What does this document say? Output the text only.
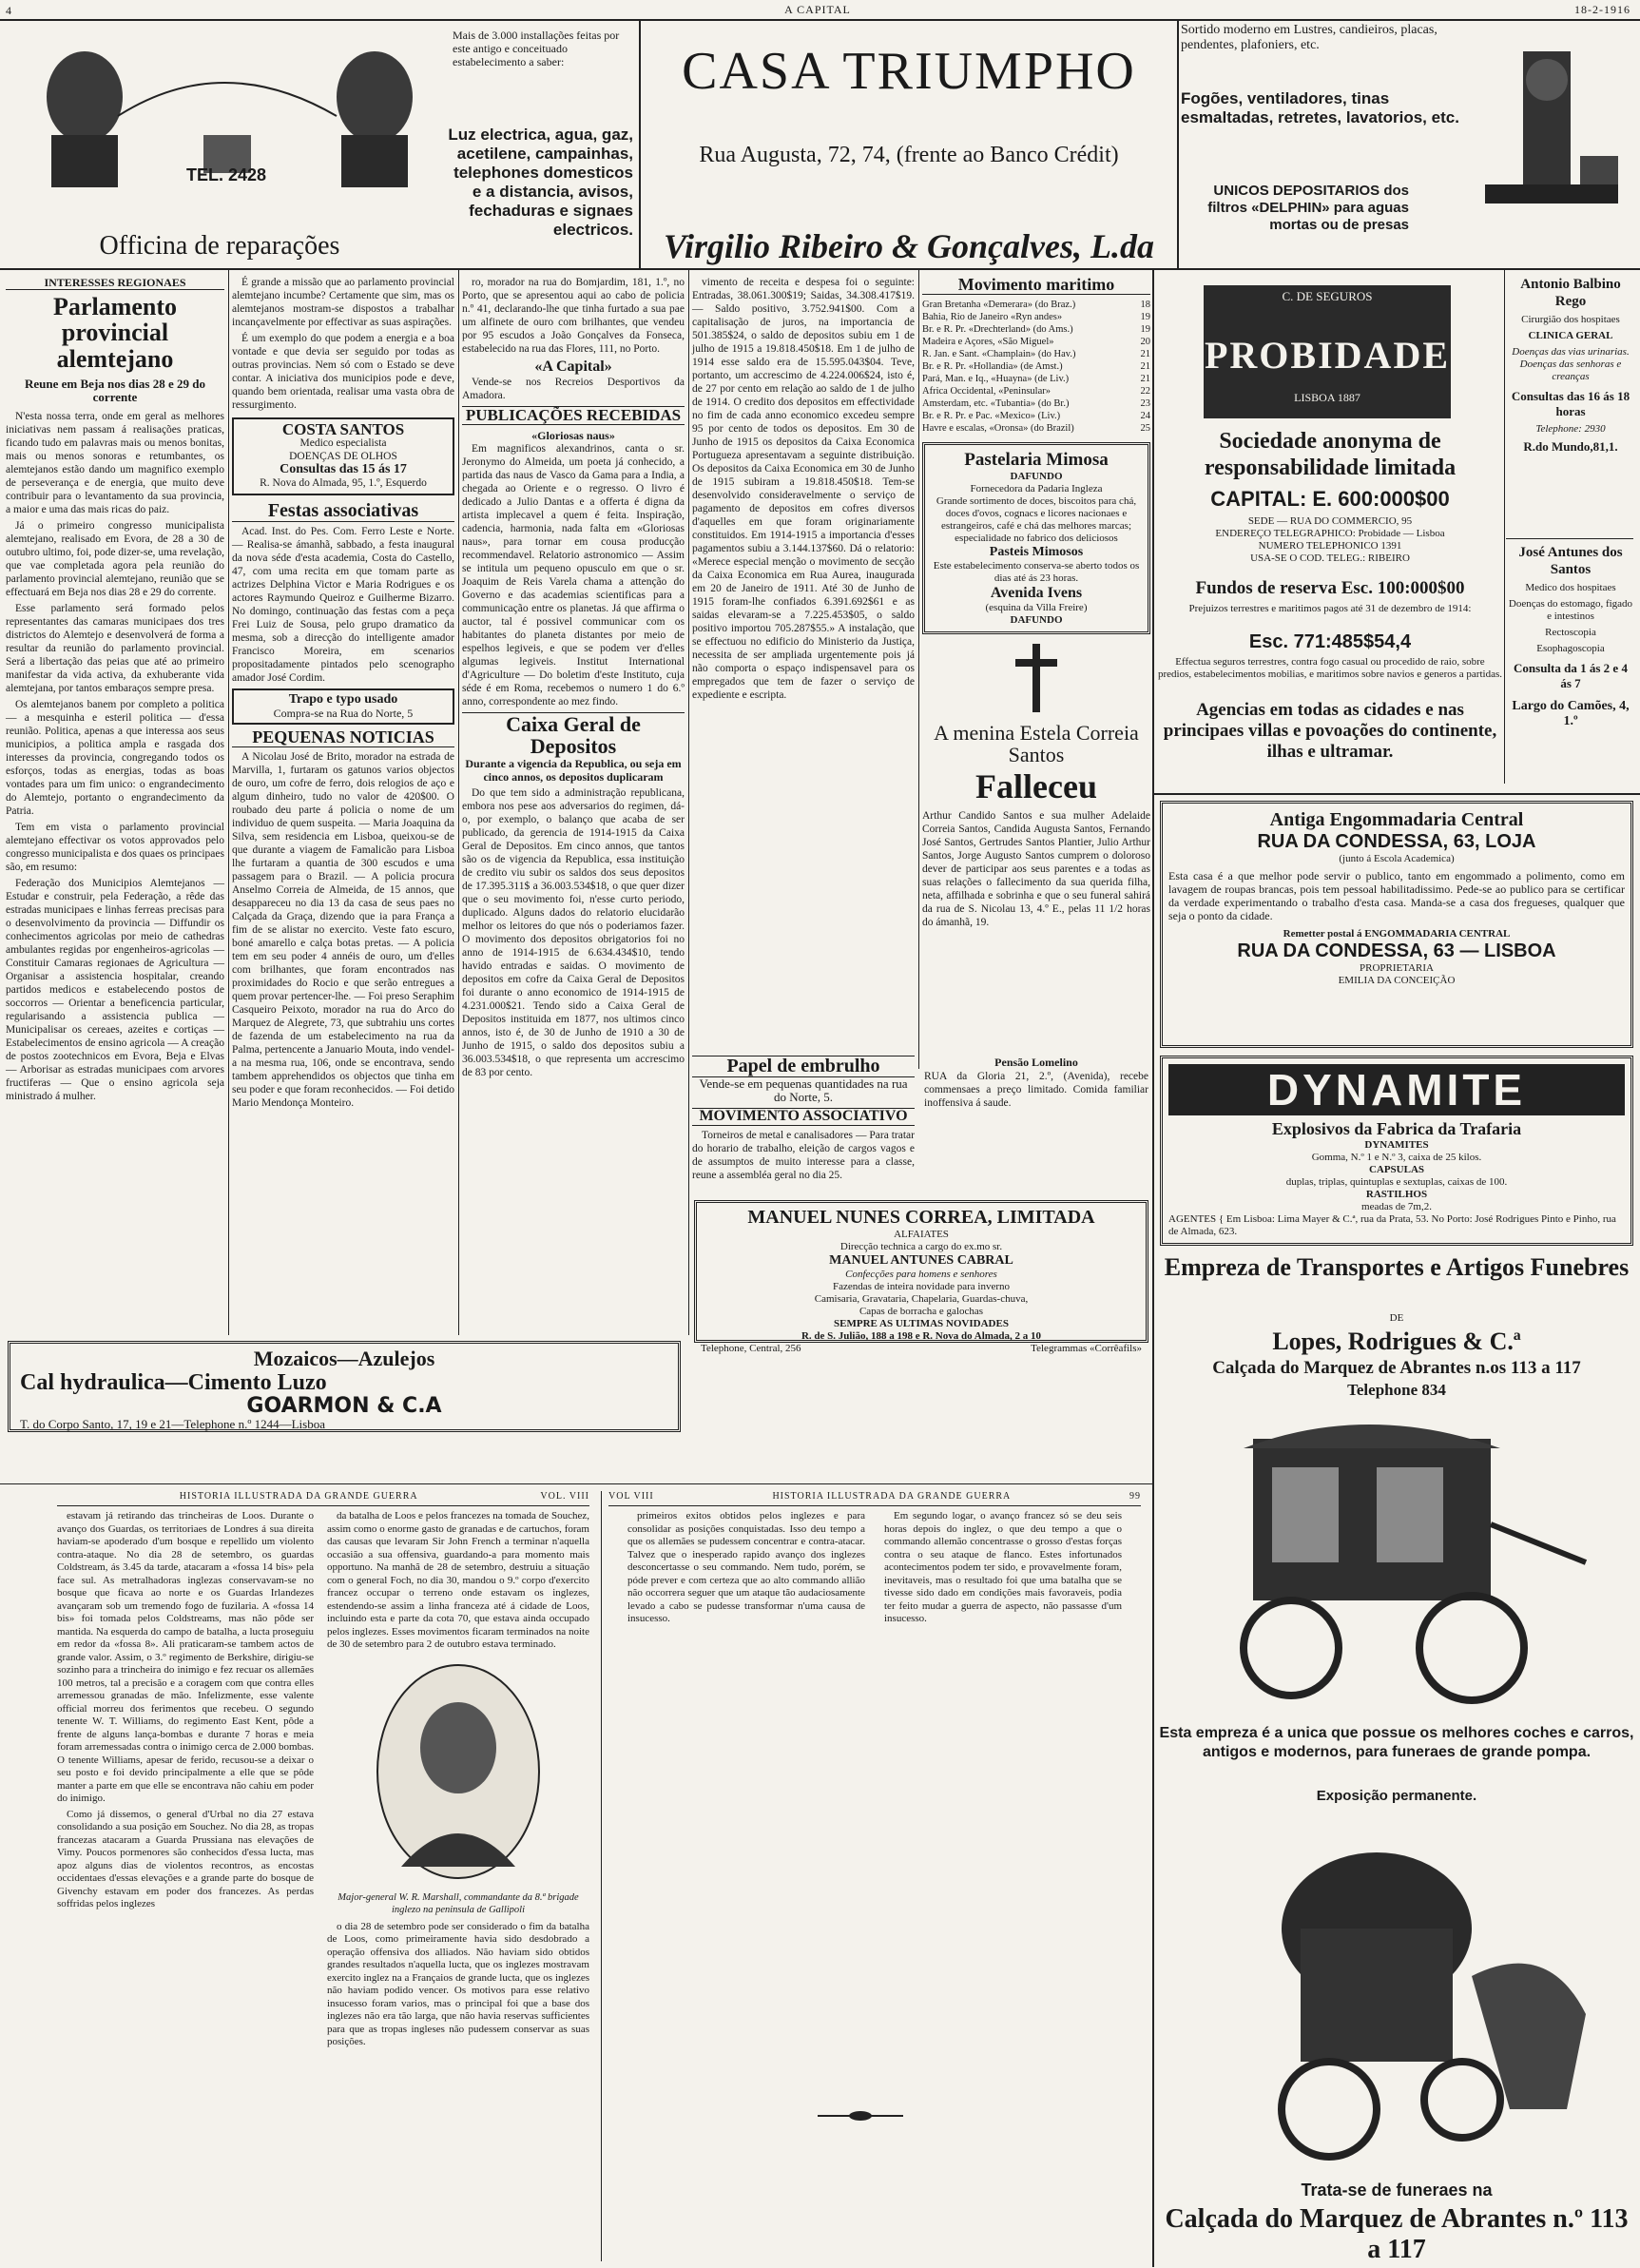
4	A CAPITAL	18-2-1916
TEL. 2428
Officina de reparações
Mais de 3.000 installações feitas por este antigo e conceituado estabelecimento a saber:
Luz electrica, agua, gaz, acetilene, campainhas, telephones domesticos e a distancia, avisos, fechaduras e signaes electricos.
CASA TRIUMPHO
Rua Augusta, 72, 74, (frente ao Banco Crédit)
Virgilio Ribeiro & Gonçalves, L.da
Sortido moderno em Lustres, candieiros, placas, pendentes, plafoniers, etc.
Fogões, ventiladores, tinas esmaltadas, retretes, lavatorios, etc.
UNICOS DEPOSITARIOS dos filtros «DELPHIN» para aguas mortas ou de presas
INTERESSES REGIONAES
Parlamento provincial alemtejano
Reune em Beja nos dias 28 e 29 do corrente

N'esta nossa terra, onde em geral as melhores iniciativas nem passam á realisações praticas, ficando tudo em palavras mais ou menos bonitas, mais ou menos sonoras e retumbantes, os alemtejanos estão dando um magnifico exemplo de perseverança e de energia, que muito deve contribuir para o levantamento da sua provincia, a maior e uma das mais ricas do paiz.

Já o primeiro congresso municipalista alemtejano, realisado em Evora, de 28 a 30 de outubro ultimo, foi, pode dizer-se, uma revelação, que vae completada agora pela reunião do parlamento provincial alemtejano, reunião que se effectuará em Beja nos dias 28 e 29 do corrente.

Esse parlamento será formado pelos representantes das camaras municipaes dos tres districtos do Alemtejo e desenvolverá de forma a resultar da reunião do parlamento provincial. Será a libertação das peias que até ao primeiro manifestar da vida activa, da exhuberante vida alemtejana, por tantos embaraços sempre presa.

Os alemtejanos banem por completo a politica — a mesquinha e esteril politica — d'essa reunião. Politica, apenas a que interessa aos seus municipios, a politica ampla e rasgada dos interesses da provincia, congregando todos os esforços, todas as energias, todas as boas vontades para um fim unico: o engrandecimento do Alemtejo, portanto o engrandecimento da Patria.

Tem em vista o parlamento provincial alemtejano effectivar os votos approvados pelo congresso municipalista e dos quaes os principaes são, em resumo:

Federação dos Municipios Alemtejanos — Estudar e construir, pela Federação, a rêde das estradas municipaes e linhas ferreas precisas para o desenvolvimento da provincia — Diffundir os conhecimentos agricolas por meio de cathedras ambulantes regidas por engenheiros-agricolas — Constituir Camaras regionaes de Agricultura — Organisar a assistencia hospitalar, creando partidos medicos e estabelecendo postos de soccorros — Orientar a beneficencia particular, regularisando a assistencia publica — Municipalisar os cereaes, azeites e cortiças — Estabelecimentos de ensino agricola — A creação de postos zootechnicos em Evora, Beja e Elvas — Arborisar as estradas municipaes com arvores fructiferas — Que o ensino agricola seja ministrado á mulher.

É grande a missão que ao parlamento provincial alemtejano incumbe? Certamente que sim, mas os alemtejanos mostram-se dispostos a trabalhar incançavelmente por effectivar as suas aspirações.

É um exemplo do que podem a energia e a boa vontade e que devia ser seguido por todas as outras provincias. Nem só com o Estado se deve contar. A iniciativa dos municipios pode e deve, quando bem orientada, realisar uma vasta obra de ressurgimento.

COSTA SANTOS
Medico especialista
DOENÇAS DE OLHOS
Consultas das 15 ás 17
R. Nova do Almada, 95, 1.º, Esquerdo
Festas associativas

Acad. Inst. do Pes. Com. Ferro Leste e Norte. — Realisa-se ámanhã, sabbado, a festa inaugural da nova séde d'esta academia, Costa do Castello, 47, com uma recita em que tomam parte as actrizes Delphina Victor e Maria Rodrigues e os actores Raymundo Queiroz e Guilherme Bizarro. No domingo, continuação das festas com a peça Frei Luiz de Sousa, pelo grupo dramatico da mesma, sob a direcção do intelligente amador Francisco Moreira, em scenarios propositadamente pintados pelo scenographo amador José Cordim.

Trapo e typo usado
Compra-se na Rua do Norte, 5
PEQUENAS NOTICIAS

A Nicolau José de Brito, morador na estrada de Marvilla, 1, furtaram os gatunos varios objectos de ouro, um cofre de ferro, dois relogios de aço e algum dinheiro, tudo no valor de 420$00. O roubado deu parte á policia o nome de um individuo de quem suspeita. — Maria Joaquina da Silva, sem residencia em Lisboa, queixou-se de que durante a viagem de Famalicão para Lisboa lhe furtaram a quantia de 300 escudos e uma passagem para o Brazil. — A policia procura Anselmo Correia de Almeida, de 15 annos, que desappareceu no dia 13 da casa de seus paes no Calçada da Graça, dizendo que ia para França a fim de se alistar no exercito. Veste fato escuro, boné amarello e calça botas pretas. — A policia tem em seu poder 4 annéis de ouro, um d'elles com brilhantes, que foram encontrados nas proximidades do Rocio e que serão entregues a quem provar pertencer-lhe. — Foi preso Seraphim Casqueiro Peixoto, morador na rua do Arco do Marquez de Alegrete, 73, que subtrahiu uns cortes de fazenda de um estabelecimento na rua da Palma, pertencente a Januario Mouta, indo vendel-a na mesma rua, 106, onde se encontrava, sendo tambem apprehendidos os objectos que tinha em seu poder e que foram reconhecidos. — Foi detido Mario Mendonça Monteiro.

ro, morador na rua do Bomjardim, 181, 1.º, no Porto, que se apresentou aqui ao cabo de policia n.º 41, declarando-lhe que tinha furtado a sua pae um alfinete de ouro com brilhantes, que vendeu por 95 escudos a João Gonçalves da Fonseca, estabelecido na rua das Flores, 111, no Porto.

«A Capital»

Vende-se nos Recreios Desportivos da Amadora.

PUBLICAÇÕES RECEBIDAS
«Gloriosas naus»

Em magnificos alexandrinos, canta o sr. Jeronymo do Almeida, um poeta já conhecido, a partida das naus de Vasco da Gama para a India, a chegada ao Oriente e o regresso. O livro é dedicado a Julio Dantas e a offerta é digna da artista implecavel a quem é feita. Inspiração, cadencia, harmonia, nada falta em «Gloriosas naus», para tornar em cousa producção recommendavel. Relatorio astronomico — Assim se intitula um pequeno opusculo em que o sr. Joaquim de Reis Varela chama a attenção do Governo e das academias scientificas para a communicação entre os planetas. Já que affirma o auctor, tal é possivel communicar com os habitantes do planeta distantes por meio de espelhos legiveis, e que se podem ver d'elles algumas legiveis. Institut International d'Agriculture — Do boletim d'este Instituto, cuja séde é em Roma, recebemos o numero 1 do 6.º anno, correspondente ao mez findo.

Caixa Geral de Depositos
Durante a vigencia da Republica, ou seja em cinco annos, os depositos duplicaram

Do que tem sido a administração republicana, embora nos pese aos adversarios do regimen, dá-o, por exemplo, o balanço que acaba de ser publicado, da gerencia de 1914-1915 da Caixa Geral de Depositos. Em cinco annos, que tantos são os de vigencia da Republica, essa instituição de credito viu subir os saldos dos seus depositos de 17.395.311$ a 36.003.534$18, o que quer dizer que o seu movimento foi, n'esse curto periodo, duplicado. Alguns dados do relatorio elucidarão melhor os leitores do que nós o poderiamos fazer. O movimento dos depositos obrigatorios foi no anno de 1914-1915 de 6.634.434$10, tendo havido entradas e saidas. O movimento de depositos em cofre da Caixa Geral de Depositos foi durante o anno economico de 1914-1915 de 4.231.000$21. Tendo sido a Caixa Geral de Depositos instituida em 1877, nos ultimos cinco annos, isto é, de 30 de Junho de 1910 a 30 de Junho de 1915, o saldo dos depositos subiu a 36.003.534$18, o que representa um accrescimo de 83 por cento.

vimento de receita e despesa foi o seguinte: Entradas, 38.061.300$19; Saidas, 34.308.417$19. — Saldo positivo, 3.752.941$00. Com a capitalisação de juros, na importancia de 501.385$24, o saldo de depositos subiu em 1 de julho de 1915 a 19.818.450$18. Em 1 de julho de 1914 esse saldo era de 15.595.043$04. Teve, portanto, um accrescimo de 4.224.006$24, isto é, de 27 por cento em relação ao saldo de 1 de julho de 1914. O credito dos depositos em effectividade no fim de cada anno economico excedeu sempre 95 por cento de todos os depositos. Em 30 de Junho de 1915 os depositos da Caixa Economica Portugueza apresentavam a seguinte distribuição. Os depositos da Caixa Economica em 30 de Junho de 1915 subiram a 19.818.450$18. Tem-se desenvolvido consideravelmente o serviço de pagamento de depositos em cofres diversos d'aquelles em que foram originariamente constituidos. Em 1914-1915 a importancia d'esses pagamentos subiu a 3.144.137$60. Dá o relatorio: «Merece especial menção o movimento de secção da Caixa Economica em Rua Aurea, inaugurada em 20 de Janeiro de 1911. Até 30 de Junho de 1915 foram-lhe confiados 6.391.692$61 e as saidas elevaram-se a 7.225.453$05, o saldo positivo importou 705.287$55.» A instalação, que se effectuou no edificio do Ministerio da Justiça, necessita de ser ampliada urgentemente pois já não comporta o espaço indispensavel para os empregados que tem de fazer o serviço de expediente e escripta.

Movimento maritimo
Gran Bretanha «Demerara» (do Braz.)	18
Bahia, Rio de Janeiro «Ryn andes»	19
Br. e R. Pr. «Drechterland» (do Ams.)	19
Madeira e Açores, «São Miguel»	20
R. Jan. e Sant. «Champlain» (do Hav.)	21
Br. e R. Pr. «Hollandia» (de Amst.)	21
Pará, Man. e Iq., «Huayna» (de Liv.)	21
Africa Occidental, «Peninsular»	22
Amsterdam, etc. «Tubantia» (do Br.)	23
Br. e R. Pr. e Pac. «Mexico» (Liv.)	24
Havre e escalas, «Oronsa» (do Brazil)	25
Pastelaria Mimosa
DAFUNDO
Fornecedora da Padaria Ingleza
Grande sortimento de doces, biscoitos para chá, doces d'ovos, cognacs e licores nacionaes e estrangeiros, café e chá das melhores marcas; especialidade no fabrico dos deliciosos
Pasteis Mimosos
Este estabelecimento conserva-se aberto todos os dias até ás 23 horas.
Avenida Ivens
(esquina da Villa Freire)
DAFUNDO
A menina Estela Correia Santos
Falleceu
Arthur Candido Santos e sua mulher Adelaide Correia Santos, Candida Augusta Santos, Fernando José Santos, Gertrudes Santos Plantier, Julio Arthur Santos, Jorge Augusto Santos cumprem o doloroso dever de participar aos seus parentes e a todas as suas relações o fallecimento da sua querida filha, neta, affilhada e sobrinha e que o seu funeral sahirá da rua de S. Nicolau 13, 4.º E., pelas 11 1/2 horas do ámanhã, 19.
Papel de embrulho
Vende-se em pequenas quantidades na rua do Norte, 5.
MOVIMENTO ASSOCIATIVO

Torneiros de metal e canalisadores — Para tratar do horario de trabalho, eleição de cargos vagos e de assumptos de muito interesse para a classe, reune a assembléa geral no dia 25.

Pensão Lomelino
RUA da Gloria 21, 2.º, (Avenida), recebe commensaes a preço limitado. Comida familiar inoffensiva á saude.
MANUEL NUNES CORREA, LIMITADA
ALFAIATES
Direcção technica a cargo do ex.mo sr.
MANUEL ANTUNES CABRAL
Confecções para homens e senhores
Fazendas de inteira novidade para inverno
Camisaria, Gravataria, Chapelaria, Guardas-chuva,
Capas de borracha e galochas
SEMPRE AS ULTIMAS NOVIDADES
R. de S. Julião, 188 a 198 e R. Nova do Almada, 2 a 10
Telephone, Central, 256	Telegrammas «Corrêafils»
Mozaicos—Azulejos
Cal hydraulica—Cimento Luzo
GOARMON & C.A
T. do Corpo Santo, 17, 19 e 21—Telephone n.º 1244—Lisboa
C. DE SEGUROS
PROBIDADE
LISBOA 1887
Sociedade anonyma de responsabilidade limitada
CAPITAL: E. 600:000$00
SEDE — RUA DO COMMERCIO, 95
ENDEREÇO TELEGRAPHICO: Probidade — Lisboa
NUMERO TELEPHONICO 1391
USA-SE O COD. TELEG.: RIBEIRO
Fundos de reserva Esc. 100:000$00
Prejuizos terrestres e maritimos pagos até 31 de dezembro de 1914:
Esc. 771:485$54,4
Effectua seguros terrestres, contra fogo casual ou procedido de raio, sobre predios, estabelecimentos mobilias, e maritimos sobre navios e generos a partidas.
Agencias em todas as cidades e nas principaes villas e povoações do continente, ilhas e ultramar.
Antonio Balbino Rego
Cirurgião dos hospitaes
CLINICA GERAL
Doenças das vias urinarias. Doenças das senhoras e creanças
Consultas das 16 ás 18 horas
Telephone: 2930
R.do Mundo,81,1.
José Antunes dos Santos
Medico dos hospitaes
Doenças do estomago, figado e intestinos
Rectoscopia
Esophagoscopia
Consulta da 1 ás 2 e 4 ás 7
Largo do Camões, 4, 1.º
Antiga Engommadaria Central
RUA DA CONDESSA, 63, LOJA
(junto á Escola Academica)
Esta casa é a que melhor pode servir o publico, tanto em engommado a polimento, como em lavagem de roupas brancas, pois tem pessoal habilitadissimo. Pede-se ao publico para se certificar da verdade experimentando o trabalho d'esta casa. Manda-se a casa dos fregueses, qualquer que seja o ponto da cidade.
Remetter postal á ENGOMMADARIA CENTRAL
RUA DA CONDESSA, 63 — LISBOA
PROPRIETARIA
EMILIA DA CONCEIÇÃO
DYNAMITE
Explosivos da Fabrica da Trafaria
DYNAMITES
Gomma, N.º 1 e N.º 3, caixa de 25 kilos.
CAPSULAS
duplas, triplas, quintuplas e sextuplas, caixas de 100.
RASTILHOS
meadas de 7m,2.
AGENTES { Em Lisboa: Lima Mayer & C.ª, rua da Prata, 53. No Porto: José Rodrigues Pinto e Pinho, rua de Almada, 623.
Empreza de Transportes e Artigos Funebres
DE
Lopes, Rodrigues & C.ª
Calçada do Marquez de Abrantes n.os 113 a 117
Telephone 834
Esta empreza é a unica que possue os melhores coches e carros, antigos e modernos, para funeraes de grande pompa.
Exposição permanente.
Trata-se de funeraes na
Calçada do Marquez de Abrantes n.º 113 a 117
HISTORIA ILLUSTRADA DA GRANDE GUERRA	VOL. VIII

estavam já retirando das trincheiras de Loos. Durante o avanço dos Guardas, os territoriaes de Londres á sua direita haviam-se apoderado d'um bosque e repellido um violento contra-ataque. No dia 28 de setembro, os guardas Coldstream, ás 3.45 da tarde, atacaram a «fossa 14 bis» pela face sul. As metralhadoras inglezas conservavam-se no bosque que ficava ao norte e os Guardas Irlandezes avançaram sob um tremendo fogo de fuzilaria. A «fossa 14 bis» foi tomada pelos Coldstreams, mas não pôde ser mantida. Na esquerda do campo de batalha, a lucta proseguiu em redor da «fossa 8». Ali praticaram-se tambem actos de grande valor. Assim, o 3.º regimento de Berkshire, dirigiu-se sozinho para a trincheira do inimigo e fez recuar os allemães 100 metros, tal a precisão e a coragem com que contra elles arremessou granadas de mão. Infelizmente, esse valente official morreu dos ferimentos que recebeu. O segundo tenente W. T. Williams, do regimento East Kent, pôde a frente de alguns lança-bombas e durante 7 horas e meia foram arremessadas contra o inimigo cerca de 2.000 bombas. O tenente Williams, apesar de ferido, recusou-se a deixar o seu posto e foi devido principalmente a elle que se pôde manter a parte em que elle se encontrava não cahiu em poder do inimigo.

Como já dissemos, o general d'Urbal no dia 27 estava consolidando a sua posição em Souchez. No dia 28, as tropas francezas atacaram a Guarda Prussiana nas elevações de Vimy. Poucos pormenores são conhecidos d'essa lucta, mas apoz alguns dias de violentos recontros, as encostas occidentaes d'essas elevações e a grande parte do bosque de Givenchy estavam em poder dos francezes. As perdas soffridas pelos inglezes

da batalha de Loos e pelos francezes na tomada de Souchez, assim como o enorme gasto de granadas e de cartuchos, foram das causas que levaram Sir John French a terminar n'aquella occasião a sua offensiva, guardando-a para momento mais opportuno. Na manhã de 28 de setembro, destruiu a situação com o general Foch, no dia 30, mandou o 9.º corpo d'exercito francez occupar o terreno onde estavam os inglezes, estendendo-se assim a linha franceza até á cidade de Loos, incluindo esta e parte da cota 70, que estava ainda occupado pelos inglezes. Esses movimentos ficaram terminados na noite de 30 de setembro para 2 de outubro estava terminado.

Major-general W. R. Marshall, commandante da 8.ª brigade inglezo na peninsula de Gallipoli

o dia 28 de setembro pode ser considerado o fim da batalha de Loos, como primeiramente havia sido desdobrado a operação offensiva dos alliados. Não haviam sido obtidos grandes resultados n'aquella lucta, que os inglezes mostravam exercito inglez na a Françaios de grande lucta, que os inglezes não haviam podido vencer. Os motivos para esse relativo insucesso foram varios, mas o principal foi que a base dos inglezes não era tão larga, que não havia reservas sufficientes para que as tropas ingleses não pudessem conservar as suas posições.

VOL VIII	HISTORIA ILLUSTRADA DA GRANDE GUERRA	99

primeiros exitos obtidos pelos inglezes e para consolidar as posições conquistadas. Isso deu tempo a que os allemães se pudessem concentrar e contra-atacar. Talvez que o inesperado rapido avanço dos inglezes desconcertasse o seu commando. Nem tudo, porém, se póde prever e com certeza que ao alto commando allião não occorrera seguer que um ataque tão audaciosamente levado a cabo se pudesse transformar n'uma causa de insucesso.

Em segundo logar, o avanço francez só se deu seis horas depois do inglez, o que deu tempo a que o commando allemão concentrasse o grosso d'estas forças contra o seu ataque de flanco. Estes infortunados acontecimentos podem ter sido, e provavelmente foram, inevitaveis, mas o resultado foi que uma batalha que se tivesse sido dado em condições mais favoraveis, podia ter feito mudar a guerra de aspecto, não passasse d'um insucesso.
